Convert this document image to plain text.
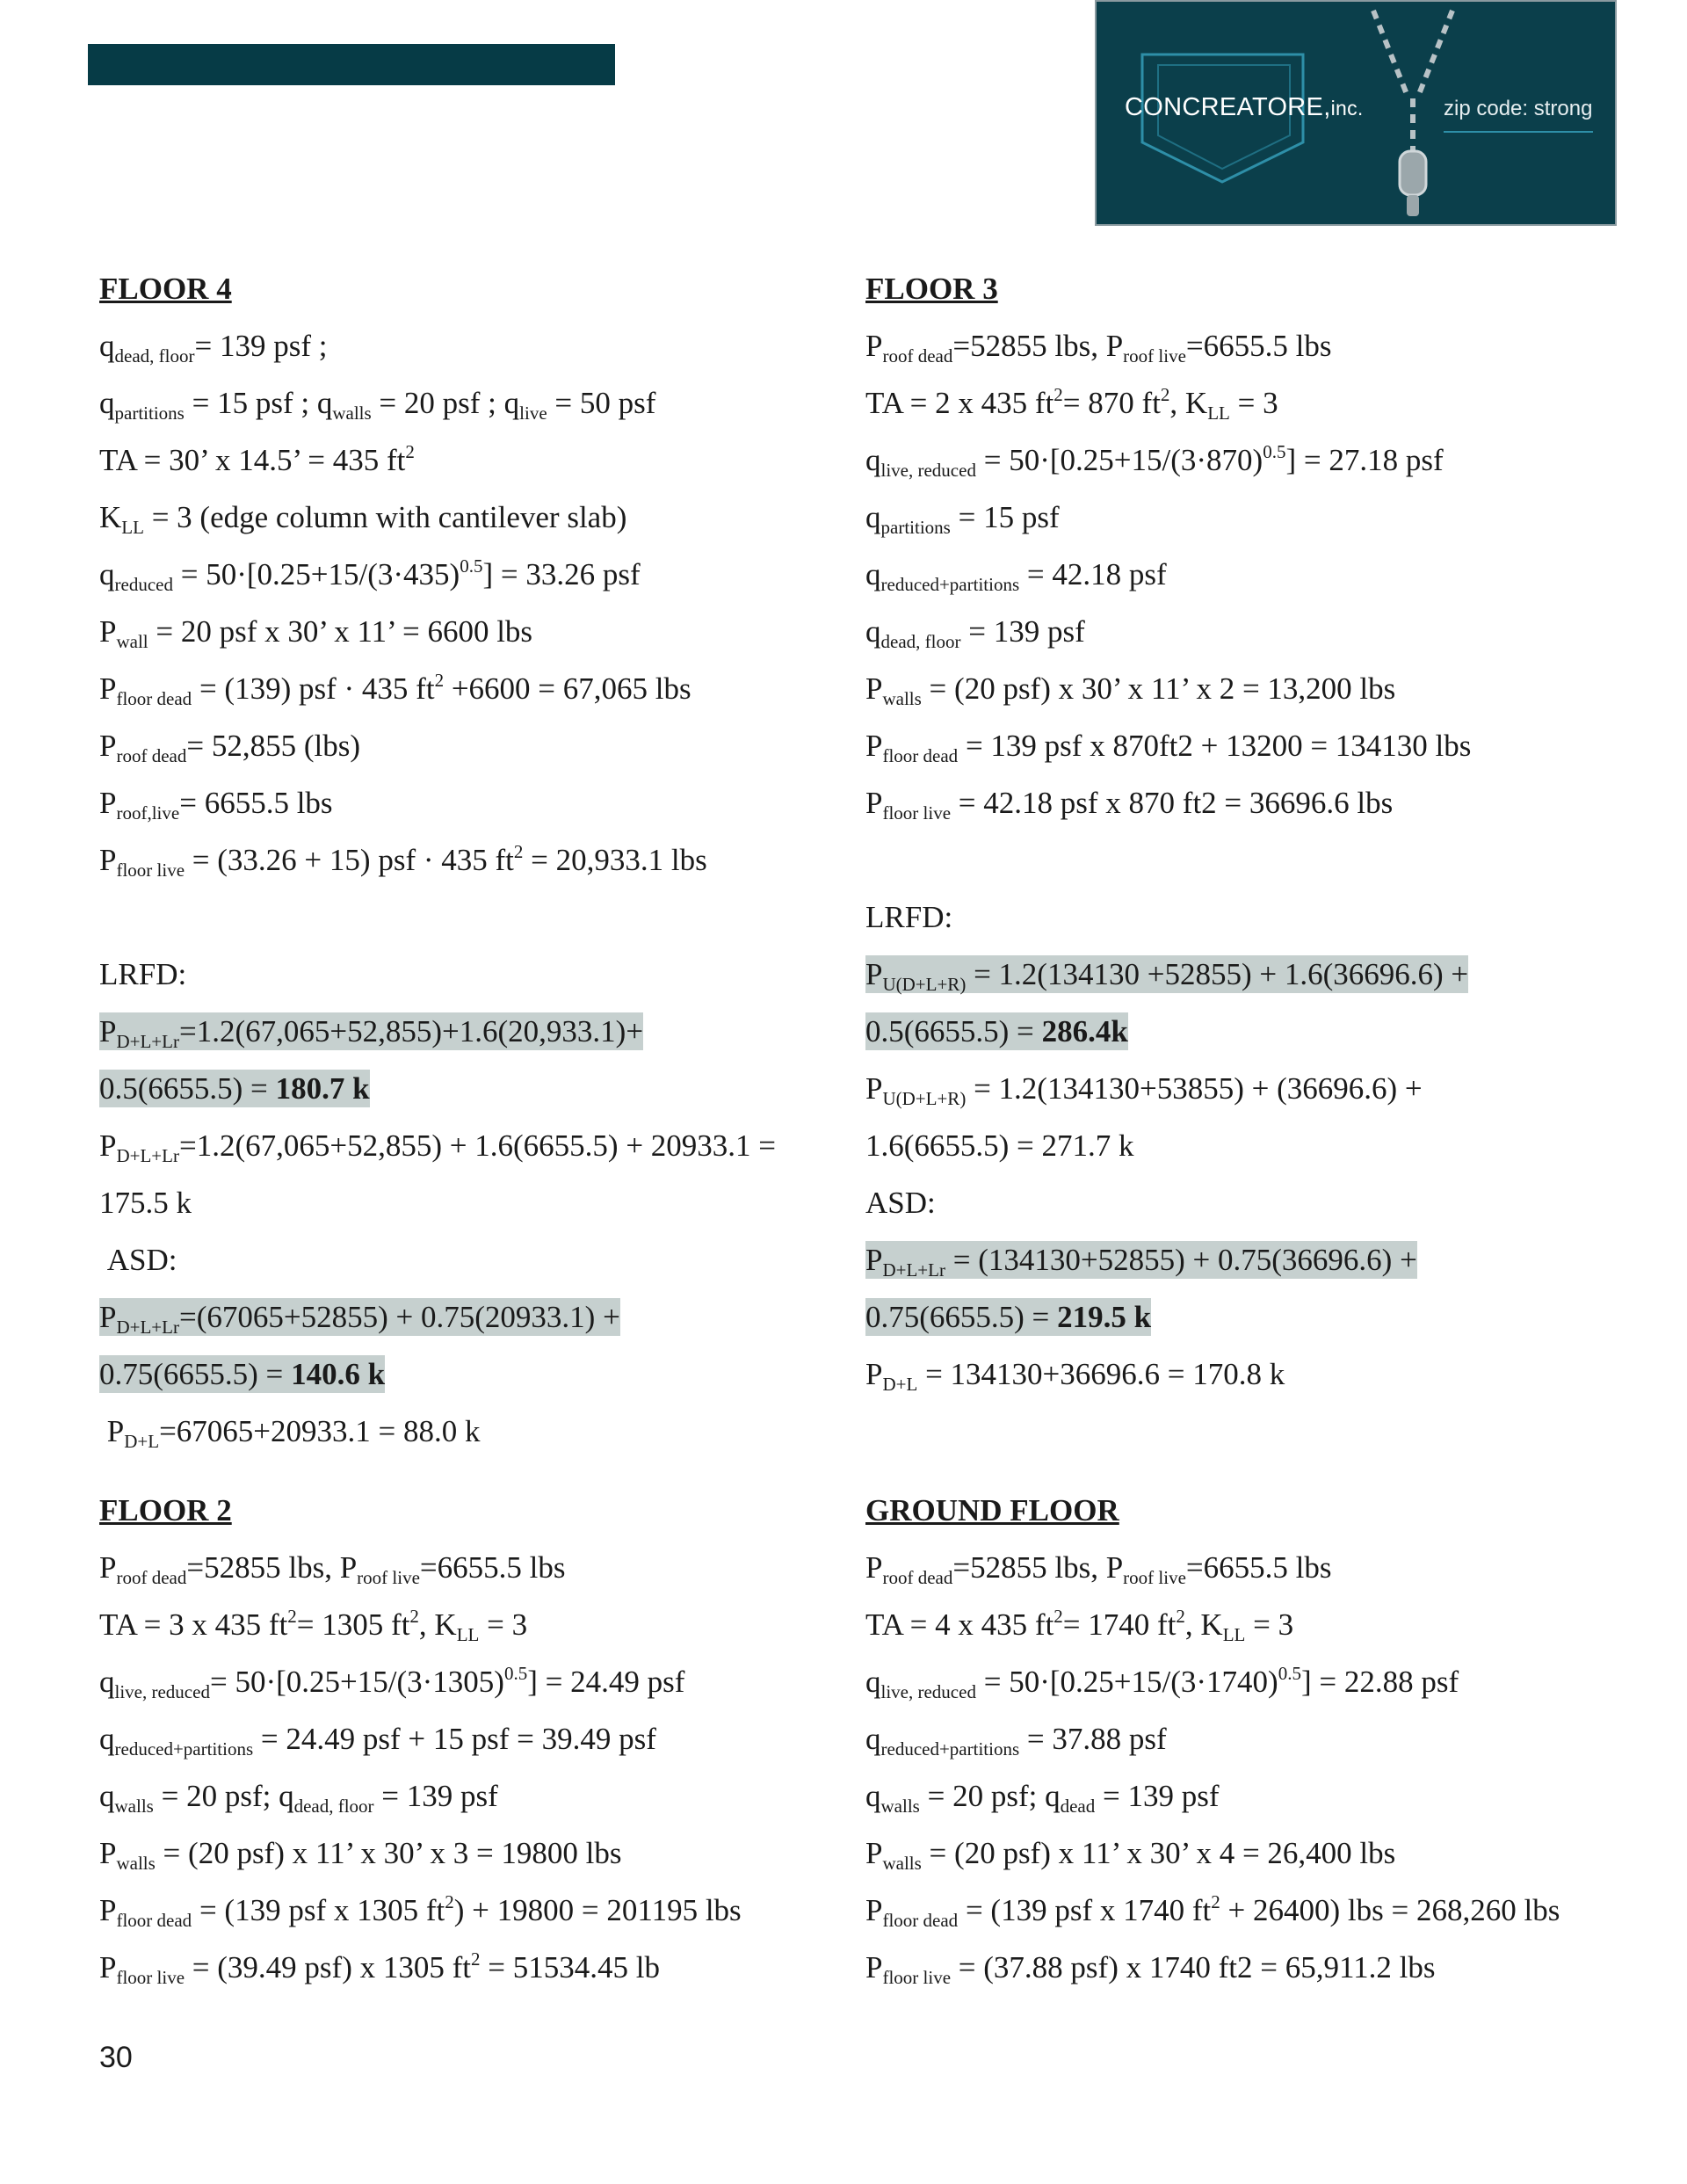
CONCREATORE,inc.	zip code: strong
FLOOR 4
$q_{dead, floor}= 139$ psf ;
$q_{partitions} = 15$ psf ; $q_{walls} = 20$ psf ; $q_{live} = 50$ psf
TA = 30’ x 14.5’ = 435 $ft^2$
$K_{LL} = 3$ (edge column with cantilever slab)
$q_{reduced} = 50\cdot[0.25+15/(3\cdot 435)^{0.5}] = 33.26$ psf
$P_{wall} = 20$ psf x 30’ x 11’ = 6600 lbs
$P_{floor dead} = (139)$ psf · 435 $ft^2 +6600 = 67,065$ lbs
$P_{roof dead}= 52,855$ (lbs)
$P_{roof,live}= 6655.5$ lbs
$P_{floor live} = (33.26 + 15)$ psf · 435 $ft^2 = 20,933.1$ lbs
LRFD:
$P_{D+L+Lr}=1.2(67,065+52,855)+1.6(20,933.1)+$
0.5(6655.5) = 180.7 k
$P_{D+L+Lr}=1.2(67,065+52,855) + 1.6(6655.5) + 20933.1$ =
175.5 k
ASD:
$P_{D+L+Lr}=(67065+52855) + 0.75(20933.1)$ +
0.75(6655.5) = 140.6 k
$P_{D+L}=67065+20933.1 = 88.0$ k
FLOOR 3
$P_{roof dead}=52855$ lbs, $P_{roof live}=6655.5$ lbs
TA = 2 x 435 $ft^2= 870$ $ft^2$, $K_{LL} = 3$
$q_{live, reduced} = 50\cdot[0.25+15/(3\cdot 870)^{0.5}] = 27.18$ psf
$q_{partitions} = 15$ psf
$q_{reduced+partitions} = 42.18$ psf
$q_{dead, floor} = 139$ psf
$P_{walls} = (20$ psf) x 30’ x 11’ x 2 = 13,200 lbs
$P_{floor dead} = 139$ psf x 870ft2 + 13200 = 134130 lbs
$P_{floor live} = 42.18$ psf x 870 ft2 = 36696.6 lbs
LRFD:
$P_{U(D+L+R)} = 1.2(134130 +52855) + 1.6(36696.6)$ +
0.5(6655.5) = 286.4k
$P_{U(D+L+R)} = 1.2(134130+53855) + (36696.6)$ +
1.6(6655.5) = 271.7 k
ASD:
$P_{D+L+Lr} = (134130+52855) + 0.75(36696.6)$ +
0.75(6655.5) = 219.5 k
$P_{D+L} = 134130+36696.6 = 170.8$ k
FLOOR 2
$P_{roof dead}=52855$ lbs, $P_{roof live}=6655.5$ lbs
TA = 3 x 435 $ft^2= 1305$ $ft^2$, $K_{LL} = 3$
$q_{live, reduced}= 50\cdot[0.25+15/(3\cdot 1305)^{0.5}] = 24.49$ psf
$q_{reduced+partitions} = 24.49$ psf + 15 psf = 39.49 psf
$q_{walls} = 20$ psf; $q_{dead, floor} = 139$ psf
$P_{walls} = (20$ psf) x 11’ x 30’ x 3 = 19800 lbs
$P_{floor dead} = (139$ psf x 1305 $ft^2) + 19800 = 201195$ lbs
$P_{floor live} = (39.49$ psf) x 1305 $ft^2 = 51534.45$ lb
GROUND FLOOR
$P_{roof dead}=52855$ lbs, $P_{roof live}=6655.5$ lbs
TA = 4 x 435 $ft^2= 1740$ $ft^2$, $K_{LL} = 3$
$q_{live, reduced} = 50\cdot[0.25+15/(3\cdot 1740)^{0.5}] = 22.88$ psf
$q_{reduced+partitions} = 37.88$ psf
$q_{walls} = 20$ psf; $q_{dead} = 139$ psf
$P_{walls} = (20$ psf) x 11’ x 30’ x 4 = 26,400 lbs
$P_{floor dead} = (139$ psf x 1740 $ft^2 + 26400$) lbs = 268,260 lbs
$P_{floor live} = (37.88$ psf) x 1740 ft2 = 65,911.2 lbs
30
